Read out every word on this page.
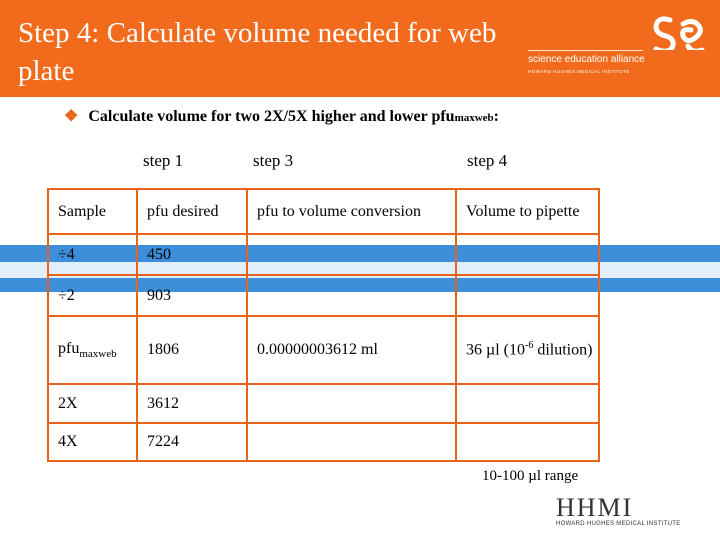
Step 4: Calculate volume needed for web plate	science education alliance
HOWARD HUGHES MEDICAL INSTITUTE
❖ Calculate volume for two 2X/5X higher and lower pfu maxweb :
step 1	step 3	step 4
Sample	pfu desired	pfu to volume conversion	Volume to pipette
÷4	450		
÷2	903		
pfu$_{maxweb}$	1806	0.00000003612 ml	36 µl ($10^{-6}$ dilution)
2X	3612		
4X	7224		
10-100 µl range
HHMI
HOWARD HUGHES MEDICAL INSTITUTE
